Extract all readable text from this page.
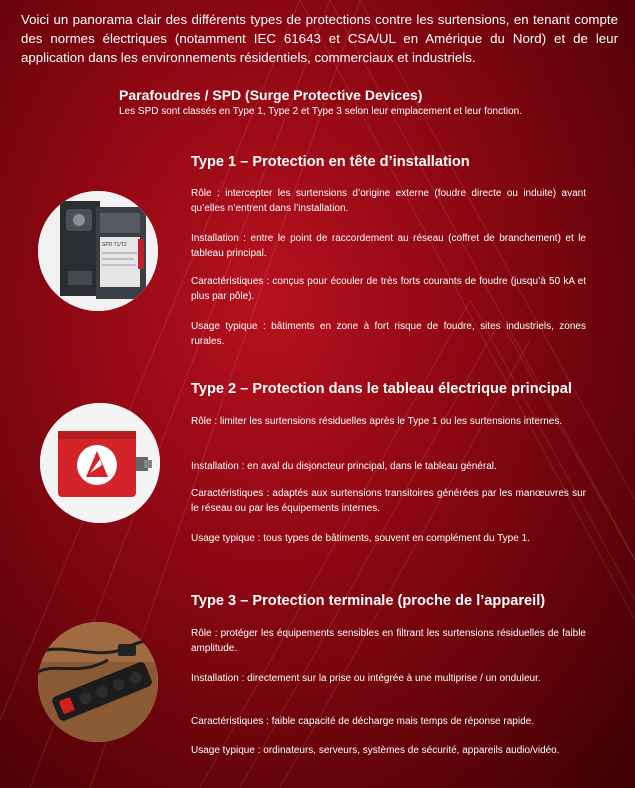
Voici un panorama clair des différents types de protections contre les surtensions, en tenant compte des normes électriques (notamment IEC 61643 et CSA/UL en Amérique du Nord) et de leur application dans les environnements résidentiels, commerciaux et industriels.

Parafoudres / SPD (Surge Protective Devices)
Les SPD sont classés en Type 1, Type 2 et Type 3 selon leur emplacement et leur fonction.
Type 1 – Protection en tête d’installation
Rôle : intercepter les surtensions d’origine externe (foudre directe ou induite) avant qu’elles n’entrent dans l’installation.
Installation : entre le point de raccordement au réseau (coffret de branchement) et le tableau principal.
Caractéristiques : conçus pour écouler de très forts courants de foudre (jusqu’à 50 kA et plus par pôle).
Usage typique : bâtiments en zone à fort risque de foudre, sites industriels, zones rurales.
SPD T1/T2
Type 2 – Protection dans le tableau électrique principal
Rôle : limiter les surtensions résiduelles après le Type 1 ou les surtensions internes.
Installation : en aval du disjoncteur principal, dans le tableau général.
Caractéristiques : adaptés aux surtensions transitoires générées par les manœuvres sur le réseau ou par les équipements internes.
Usage typique : tous types de bâtiments, souvent en complément du Type 1.
Type 3 – Protection terminale (proche de l’appareil)
Rôle : protéger les équipements sensibles en filtrant les surtensions résiduelles de faible amplitude.
Installation : directement sur la prise ou intégrée à une multiprise / un onduleur.
Caractéristiques : faible capacité de décharge mais temps de réponse rapide.
Usage typique : ordinateurs, serveurs, systèmes de sécurité, appareils audio/vidéo.
